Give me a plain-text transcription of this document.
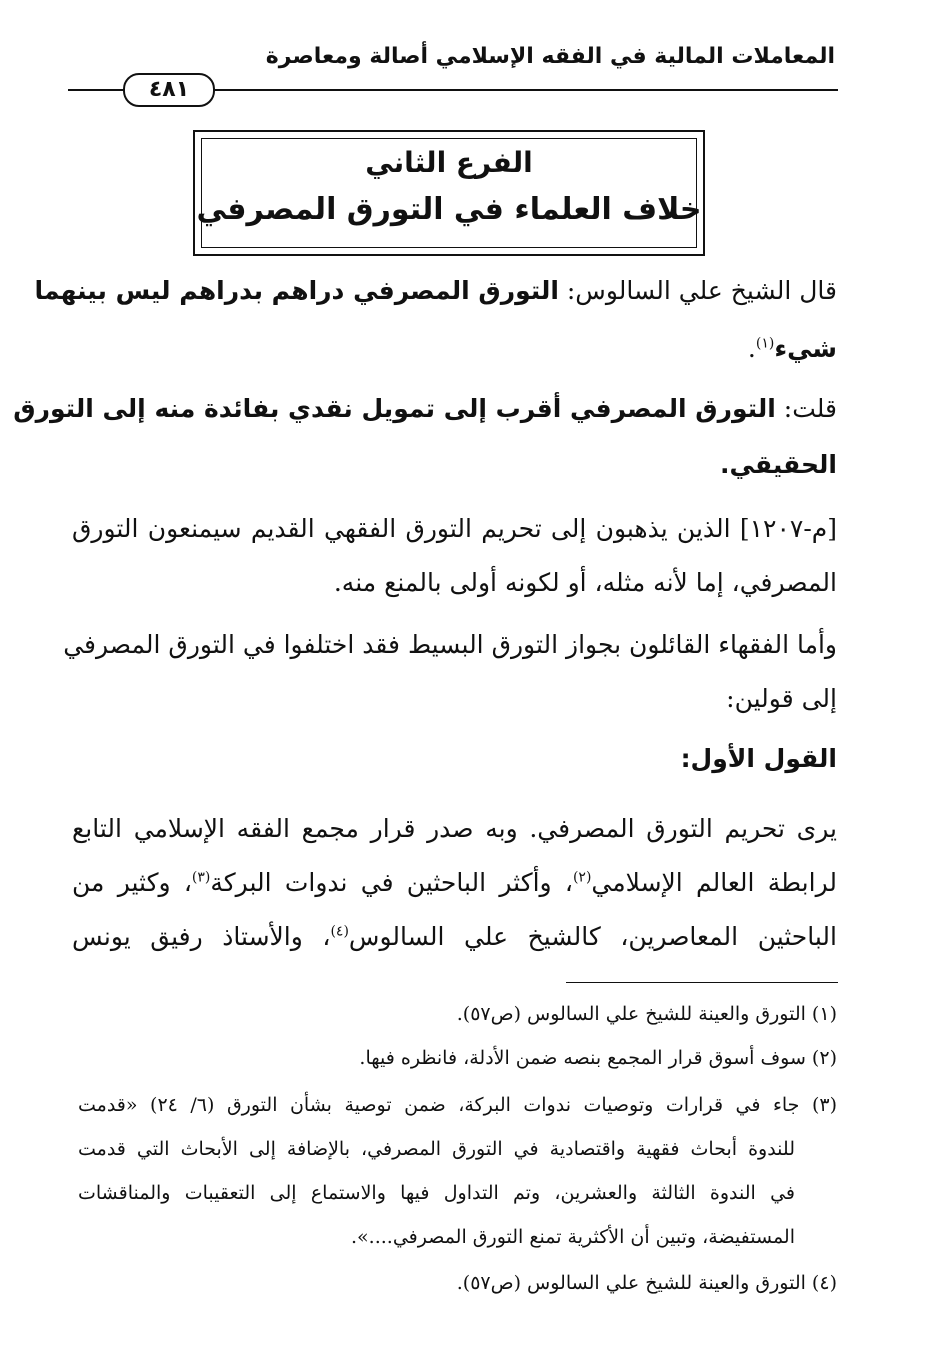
المعاملات المالية في الفقه الإسلامي أصالة ومعاصرة
٤٨١
الفرع الثاني
خلاف العلماء في التورق المصرفي
قال الشيخ علي السالوس: التورق المصرفي دراهم بدراهم ليس بينهما
شيء$^{(١)}$.
قلت: التورق المصرفي أقرب إلى تمويل نقدي بفائدة منه إلى التورق
الحقيقي.
[م-١٢٠٧] الذين يذهبون إلى تحريم التورق الفقهي القديم سيمنعون التورق
المصرفي، إما لأنه مثله، أو لكونه أولى بالمنع منه.
وأما الفقهاء القائلون بجواز التورق البسيط فقد اختلفوا في التورق المصرفي
إلى قولين:
القول الأول:
يرى تحريم التورق المصرفي. وبه صدر قرار مجمع الفقه الإسلامي التابع
لرابطة العالم الإسلامي$^{(٢)}$، وأكثر الباحثين في ندوات البركة$^{(٣)}$، وكثير من
الباحثين المعاصرين، كالشيخ علي السالوس$^{(٤)}$، والأستاذ رفيق يونس
(١) التورق والعينة للشيخ علي السالوس (ص٥٧).
(٢) سوف أسوق قرار المجمع بنصه ضمن الأدلة، فانظره فيها.
(٣) جاء في قرارات وتوصيات ندوات البركة، ضمن توصية بشأن التورق (٦/ ٢٤) «قدمت
للندوة أبحاث فقهية واقتصادية في التورق المصرفي، بالإضافة إلى الأبحاث التي قدمت
في الندوة الثالثة والعشرين، وتم التداول فيها والاستماع إلى التعقيبات والمناقشات
المستفيضة، وتبين أن الأكثرية تمنع التورق المصرفي....».
(٤) التورق والعينة للشيخ علي السالوس (ص٥٧).
